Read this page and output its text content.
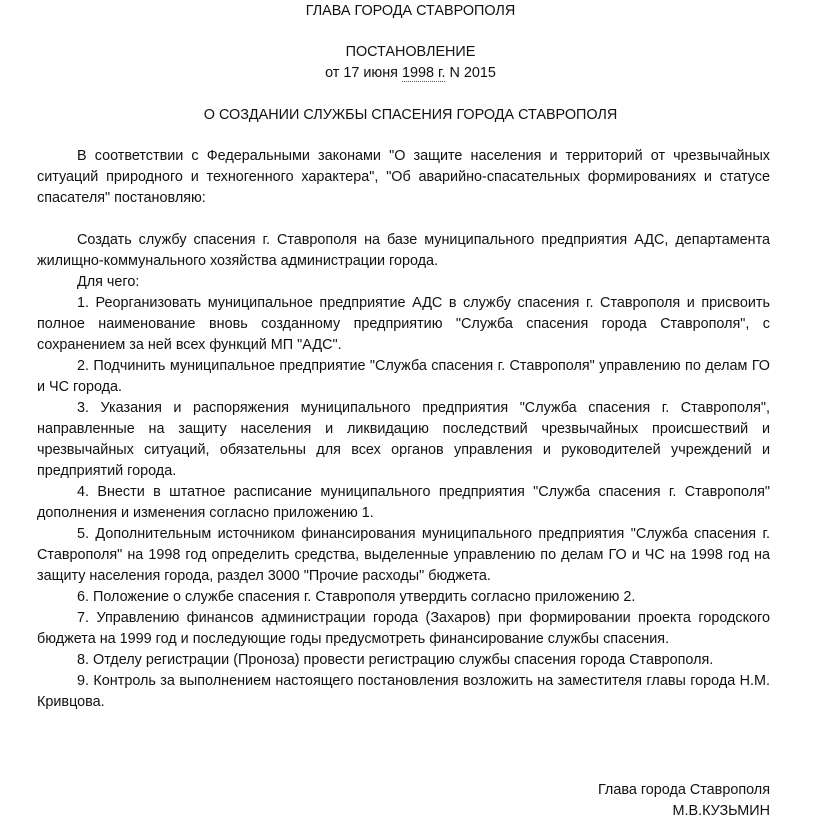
ГЛАВА ГОРОДА СТАВРОПОЛЯ
ПОСТАНОВЛЕНИЕ
от 17 июня 1998 г. N 2015
О СОЗДАНИИ СЛУЖБЫ СПАСЕНИЯ ГОРОДА СТАВРОПОЛЯ

В соответствии с Федеральными законами "О защите населения и территорий от чрезвычайных ситуаций природного и техногенного характера", "Об аварийно-спасательных формированиях и статусе спасателя" постановляю:

Создать службу спасения г. Ставрополя на базе муниципального предприятия АДС, департамента жилищно-коммунального хозяйства администрации города.

Для чего:

1. Реорганизовать муниципальное предприятие АДС в службу спасения г. Ставрополя и присвоить полное наименование вновь созданному предприятию "Служба спасения города Ставрополя", с сохранением за ней всех функций МП "АДС".

2. Подчинить муниципальное предприятие "Служба спасения г. Ставрополя" управлению по делам ГО и ЧС города.

3. Указания и распоряжения муниципального предприятия "Служба спасения г. Ставрополя", направленные на защиту населения и ликвидацию последствий чрезвычайных происшествий и чрезвычайных ситуаций, обязательны для всех органов управления и руководителей учреждений и предприятий города.

4. Внести в штатное расписание муниципального предприятия "Служба спасения г. Ставрополя" дополнения и изменения согласно приложению 1.

5. Дополнительным источником финансирования муниципального предприятия "Служба спасения г. Ставрополя" на 1998 год определить средства, выделенные управлению по делам ГО и ЧС на 1998 год на защиту населения города, раздел 3000 "Прочие расходы" бюджета.

6. Положение о службе спасения г. Ставрополя утвердить согласно приложению 2.

7. Управлению финансов администрации города (Захаров) при формировании проекта городского бюджета на 1999 год и последующие годы предусмотреть финансирование службы спасения.

8. Отделу регистрации (Проноза) провести регистрацию службы спасения города Ставрополя.

9. Контроль за выполнением настоящего постановления возложить на заместителя главы города Н.М. Кривцова.

Глава города Ставрополя
М.В.КУЗЬМИН
